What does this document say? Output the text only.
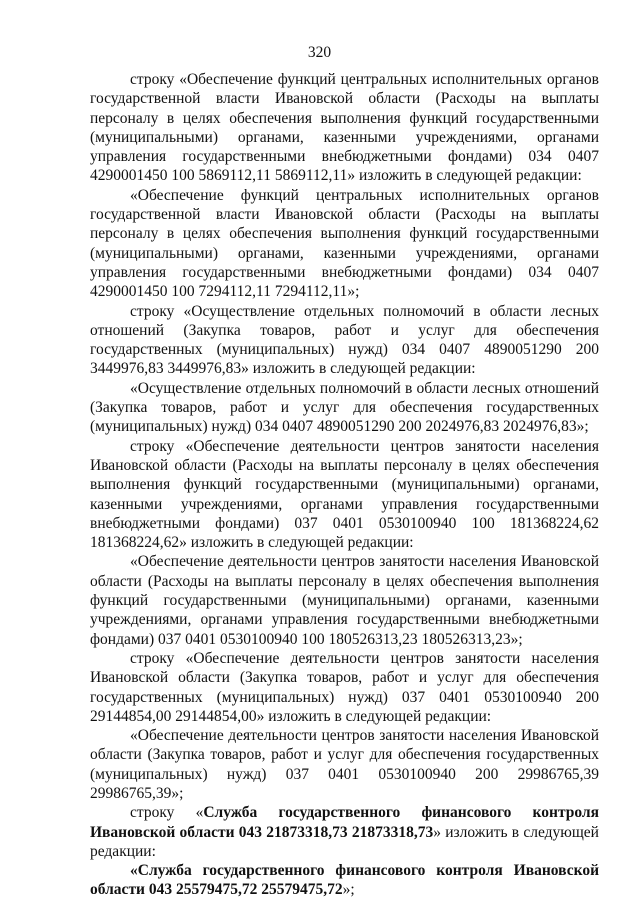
320

строку «Обеспечение функций центральных исполнительных органов государственной власти Ивановской области (Расходы на выплаты персоналу в целях обеспечения выполнения функций государственными (муниципальными) органами, казенными учреждениями, органами управления государственными внебюджетными фондами) 034 0407 4290001450 100 5869112,11 5869112,11» изложить в следующей редакции:

«Обеспечение функций центральных исполнительных органов государственной власти Ивановской области (Расходы на выплаты персоналу в целях обеспечения выполнения функций государственными (муниципальными) органами, казенными учреждениями, органами управления государственными внебюджетными фондами) 034 0407 4290001450 100 7294112,11 7294112,11»;

строку «Осуществление отдельных полномочий в области лесных отношений (Закупка товаров, работ и услуг для обеспечения государственных (муниципальных) нужд) 034 0407 4890051290 200 3449976,83 3449976,83» изложить в следующей редакции:

«Осуществление отдельных полномочий в области лесных отношений (Закупка товаров, работ и услуг для обеспечения государственных (муниципальных) нужд) 034 0407 4890051290 200 2024976,83 2024976,83»;

строку «Обеспечение деятельности центров занятости населения Ивановской области (Расходы на выплаты персоналу в целях обеспечения выполнения функций государственными (муниципальными) органами, казенными учреждениями, органами управления государственными внебюджетными фондами) 037 0401 0530100940 100 181368224,62 181368224,62» изложить в следующей редакции:

«Обеспечение деятельности центров занятости населения Ивановской области (Расходы на выплаты персоналу в целях обеспечения выполнения функций государственными (муниципальными) органами, казенными учреждениями, органами управления государственными внебюджетными фондами) 037 0401 0530100940 100 180526313,23 180526313,23»;

строку «Обеспечение деятельности центров занятости населения Ивановской области (Закупка товаров, работ и услуг для обеспечения государственных (муниципальных) нужд) 037 0401 0530100940 200 29144854,00 29144854,00» изложить в следующей редакции:

«Обеспечение деятельности центров занятости населения Ивановской области (Закупка товаров, работ и услуг для обеспечения государственных (муниципальных) нужд) 037 0401 0530100940 200 29986765,39 29986765,39»;

строку «Служба государственного финансового контроля Ивановской области 043 21873318,73 21873318,73» изложить в следующей редакции:

«Служба государственного финансового контроля Ивановской области 043 25579475,72 25579475,72»;
